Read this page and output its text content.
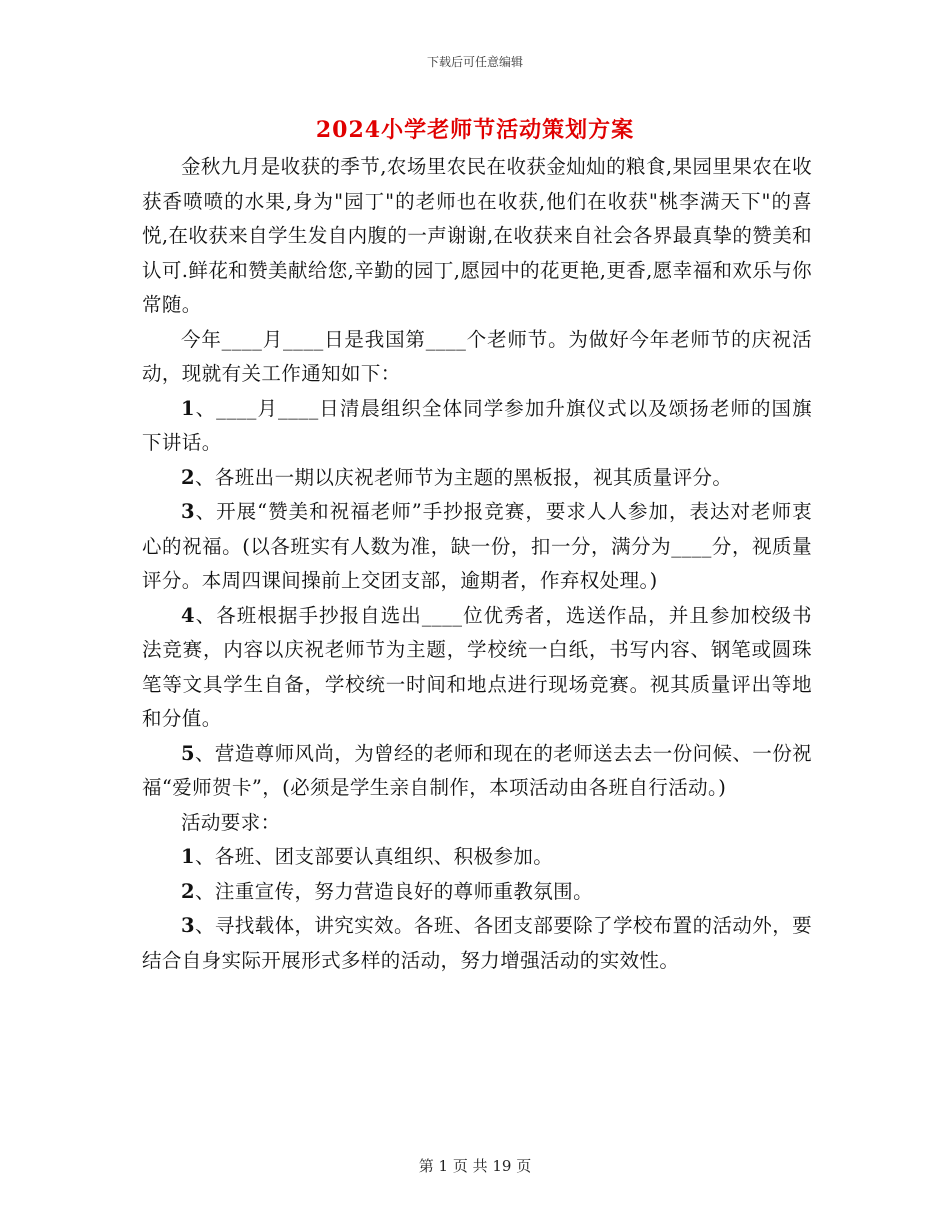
下载后可任意编辑
2024小学老师节活动策划方案

金秋九月是收获的季节,农场里农民在收获金灿灿的粮食,果园里果农在收获香喷喷的水果,身为"园丁"的老师也在收获,他们在收获"桃李满天下"的喜悦,在收获来自学生发自内腹的一声谢谢,在收获来自社会各界最真挚的赞美和认可.鲜花和赞美献给您,辛勤的园丁,愿园中的花更艳,更香,愿幸福和欢乐与你常随。

今年____月____日是我国第____个老师节。为做好今年老师节的庆祝活动，现就有关工作通知如下：

1、____月____日清晨组织全体同学参加升旗仪式以及颂扬老师的国旗下讲话。

2、各班出一期以庆祝老师节为主题的黑板报，视其质量评分。

3、开展“赞美和祝福老师”手抄报竞赛，要求人人参加，表达对老师衷心的祝福。(以各班实有人数为准，缺一份，扣一分，满分为____分，视质量评分。本周四课间操前上交团支部，逾期者，作弃权处理。)

4、各班根据手抄报自选出____位优秀者，选送作品，并且参加校级书法竞赛，内容以庆祝老师节为主题，学校统一白纸，书写内容、钢笔或圆珠笔等文具学生自备，学校统一时间和地点进行现场竞赛。视其质量评出等地和分值。

5、营造尊师风尚，为曾经的老师和现在的老师送去去一份问候、一份祝福“爱师贺卡”，(必须是学生亲自制作，本项活动由各班自行活动。)

活动要求：

1、各班、团支部要认真组织、积极参加。

2、注重宣传，努力营造良好的尊师重教氛围。

3、寻找载体，讲究实效。各班、各团支部要除了学校布置的活动外，要结合自身实际开展形式多样的活动，努力增强活动的实效性。

第 1 页 共 19 页
